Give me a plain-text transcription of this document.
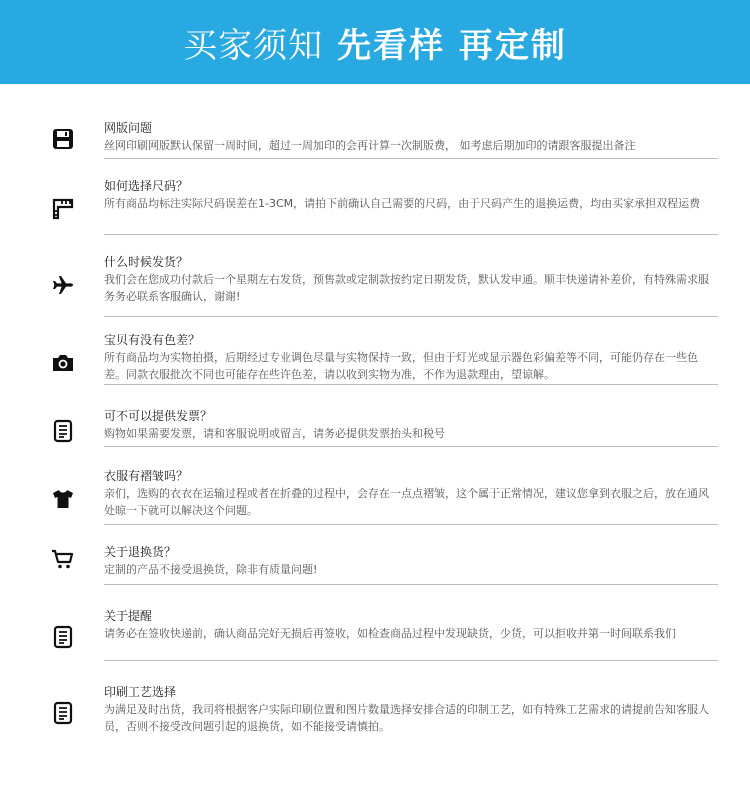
买家须知 先看样 再定制
网版问题
丝网印刷网版默认保留一周时间，超过一周加印的会再计算一次制版费， 如考虑后期加印的请跟客服提出备注
如何选择尺码？
所有商品均标注实际尺码误差在1-3CM，请拍下前确认自己需要的尺码，由于尺码产生的退换运费，均由买家承担双程运费
什么时候发货？
我们会在您成功付款后一个星期左右发货，预售款或定制款按约定日期发货，默认发申通。顺丰快递请补差价，有特殊需求服务务必联系客服确认，谢谢!
宝贝有没有色差？
所有商品均为实物拍摄，后期经过专业调色尽量与实物保持一致，但由于灯光或显示器色彩偏差等不同，可能仍存在一些色差。同款衣服批次不同也可能存在些许色差，请以收到实物为准，不作为退款理由，望谅解。
可不可以提供发票？
购物如果需要发票，请和客服说明或留言，请务必提供发票抬头和税号
衣服有褶皱吗？
亲们，选购的衣衣在运输过程或者在折叠的过程中，会存在一点点褶皱，这个属于正常情况，建议您拿到衣服之后，放在通风处晾一下就可以解决这个问题。
关于退换货？
定制的产品不接受退换货，除非有质量问题!
关于提醒
请务必在签收快递前，确认商品完好无损后再签收，如检查商品过程中发现缺货，少货，可以拒收并第一时间联系我们
印刷工艺选择
为满足及时出货，我司将根据客户实际印刷位置和图片数量选择安排合适的印制工艺，如有特殊工艺需求的请提前告知客服人员，否则不接受改问题引起的退换货，如不能接受请慎拍。
